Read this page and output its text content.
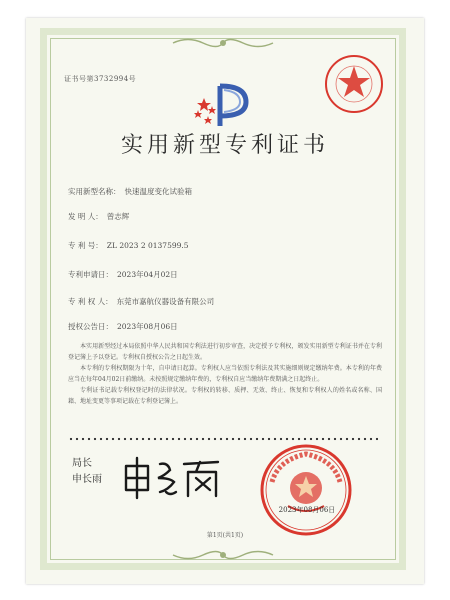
证书号第3732994号
实用新型专利证书
实用新型名称： 快速温度变化试验箱
发 明 人： 曾志辉
专 利 号： ZL 2023 2 0137599.5
专利申请日： 2023年04月02日
专 利 权 人： 东莞市嘉航仪器设备有限公司
授权公告日： 2023年08月06日

本实用新型经过本局依照中华人民共和国专利法进行初步审查，决定授予专利权，颁发实用新型专利证书并在专利登记簿上予以登记。专利权自授权公告之日起生效。

本专利的专利权期限为十年，自申请日起算。专利权人应当依照专利法及其实施细则规定缴纳年费。本专利的年费应当在每年04月02日前缴纳。未按照规定缴纳年费的，专利权自应当缴纳年费期满之日起终止。

专利证书记载专利权登记时的法律状况。专利权的转移、质押、无效、终止、恢复和专利权人的姓名或名称、国籍、地址变更等事项记载在专利登记簿上。

局长
申长雨
2023年08月06日
第1页(共1页)
